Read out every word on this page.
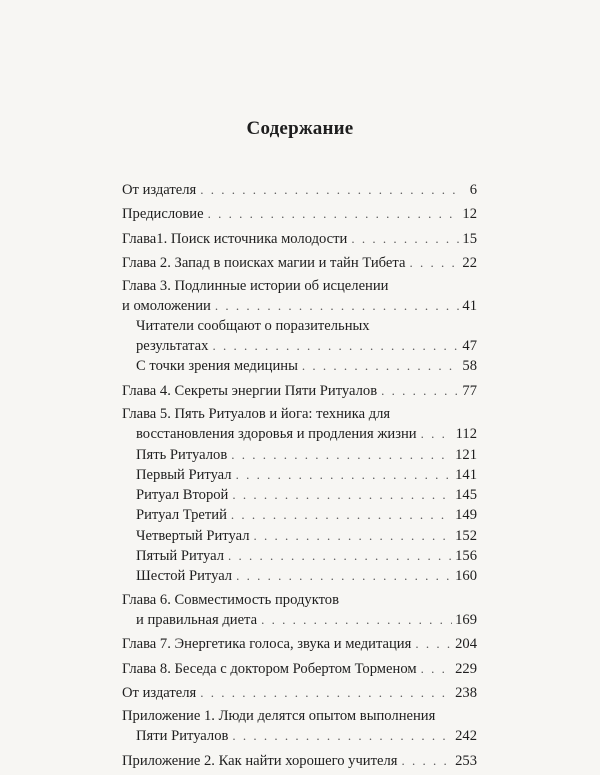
Содержание
От издателя . . .	6
Предисловие . . .	12
Глава1. Поиск источника молодости . . .	15
Глава 2. Запад в поисках магии и тайн Тибета . . .	22
Глава 3. Подлинные истории об исцелении
и омоложении . . .	41
Читатели сообщают о поразительных
результатах . . .	47
С точки зрения медицины . . .	58
Глава 4. Секреты энергии Пяти Ритуалов . . .	77
Глава 5. Пять Ритуалов и йога: техника для
восстановления здоровья и продления жизни . . .	112
Пять Ритуалов . . .	121
Первый Ритуал . . .	141
Ритуал Второй . . .	145
Ритуал Третий . . .	149
Четвертый Ритуал . . .	152
Пятый Ритуал . . .	156
Шестой Ритуал . . .	160
Глава 6. Совместимость продуктов
и правильная диета . . .	169
Глава 7. Энергетика голоса, звука и медитация . . .	204
Глава 8. Беседа с доктором Робертом Торменом . . .	229
От издателя . . .	238
Приложение 1. Люди делятся опытом выполнения
Пяти Ритуалов . . .	242
Приложение 2. Как найти хорошего учителя . . .	253
